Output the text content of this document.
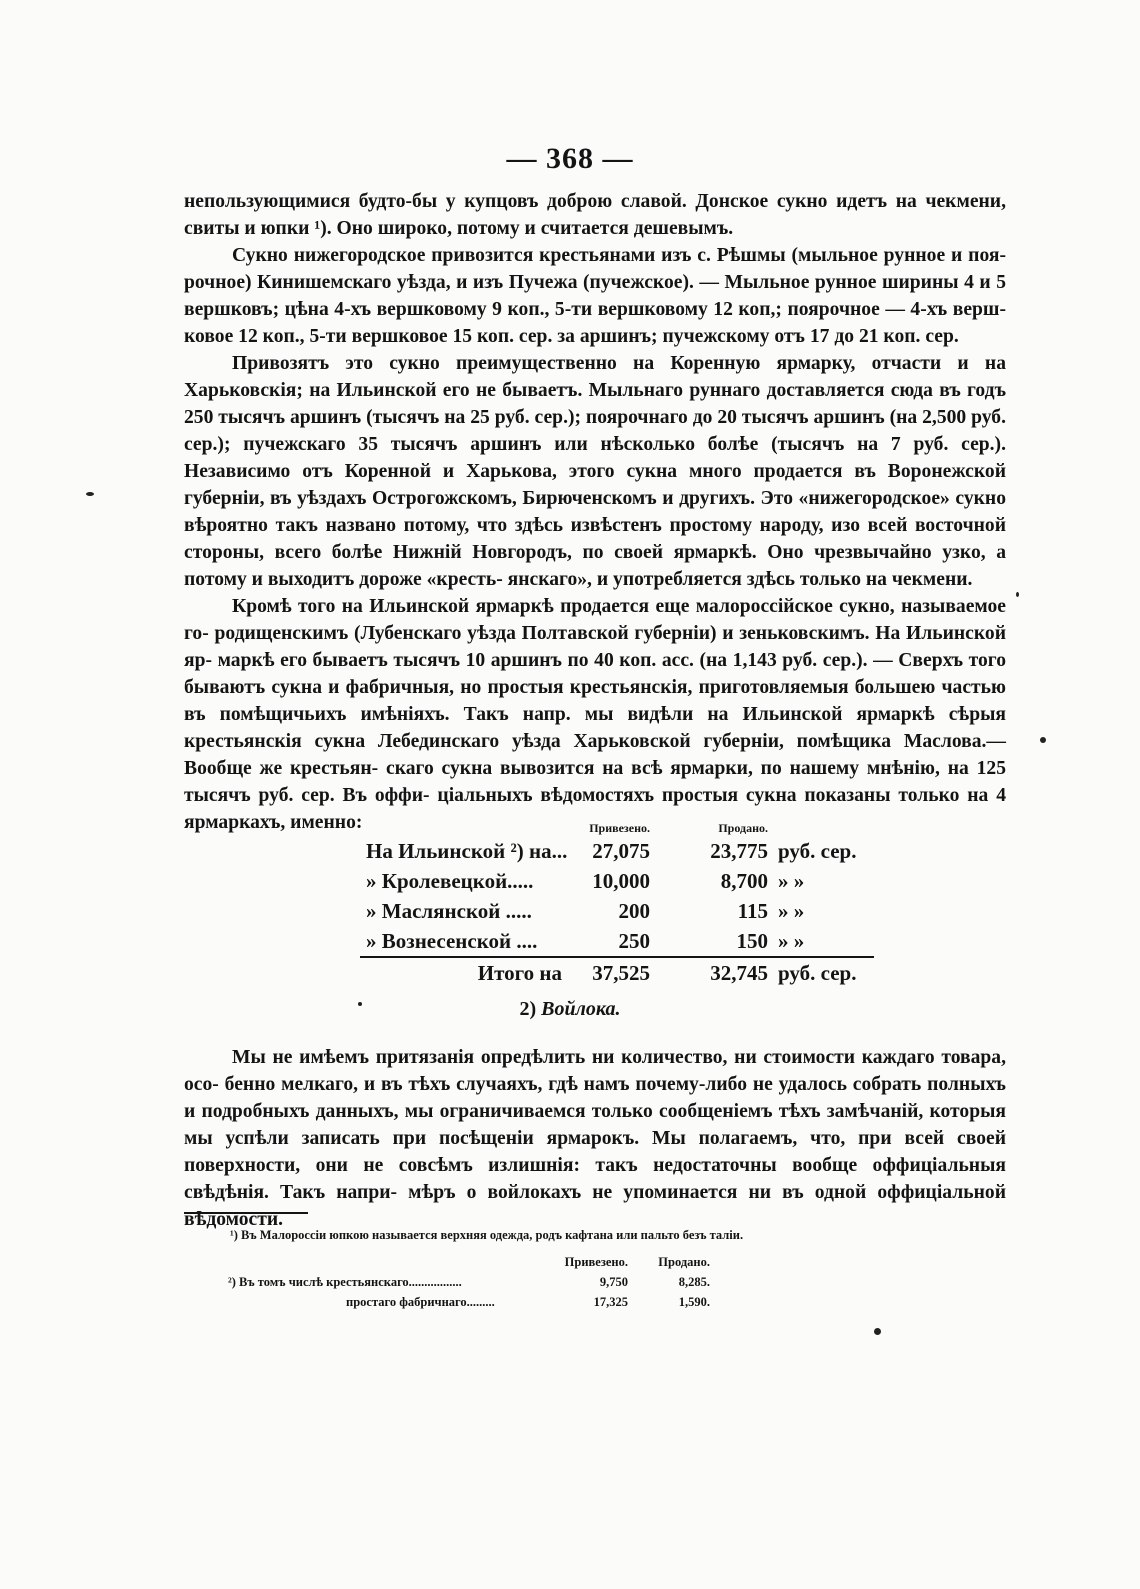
— 368 —

непользующимися будто-бы у купцовъ доброю славой. Донское сукно идетъ на чекмени, свиты и юпки ¹). Оно широко, потому и считается дешевымъ.

Сукно нижегородское привозится крестьянами изъ с. Рѣшмы (мыльное рунное и поя- рочное) Кинишемскаго уѣзда, и изъ Пучежа (пучежское). — Мыльное рунное ширины 4 и 5 вершковъ; цѣна 4-хъ вершковому 9 коп., 5-ти вершковому 12 коп,; поярочное — 4-хъ верш- ковое 12 коп., 5-ти вершковое 15 коп. сер. за аршинъ; пучежскому отъ 17 до 21 коп. сер.

Привозятъ это сукно преимущественно на Коренную ярмарку, отчасти и на Харьковскія; на Ильинской его не бываетъ. Мыльнаго руннаго доставляется сюда въ годъ 250 тысячъ аршинъ (тысячъ на 25 руб. сер.); поярочнаго до 20 тысячъ аршинъ (на 2,500 руб. сер.); пучежскаго 35 тысячъ аршинъ или нѣсколько болѣе (тысячъ на 7 руб. сер.). Независимо отъ Коренной и Харькова, этого сукна много продается въ Воронежской губерніи, въ уѣздахъ Острогожскомъ, Бирюченскомъ и другихъ. Это «нижегородское» сукно вѣроятно такъ названо потому, что здѣсь извѣстенъ простому народу, изо всей восточной стороны, всего болѣе Нижній Новгородъ, по своей ярмаркѣ. Оно чрезвычайно узко, а потому и выходитъ дороже «кресть- янскаго», и употребляется здѣсь только на чекмени.

Кромѣ того на Ильинской ярмаркѣ продается еще малороссійское сукно, называемое го- родищенскимъ (Лубенскаго уѣзда Полтавской губерніи) и зеньковскимъ. На Ильинской яр- маркѣ его бываетъ тысячъ 10 аршинъ по 40 коп. асс. (на 1,143 руб. сер.). — Сверхъ того бываютъ сукна и фабричныя, но простыя крестьянскія, приготовляемыя большею частью въ помѣщичьихъ имѣніяхъ. Такъ напр. мы видѣли на Ильинской ярмаркѣ сѣрыя крестьянскія сукна Лебединскаго уѣзда Харьковской губерніи, помѣщика Маслова.—Вообще же крестьян- скаго сукна вывозится на всѣ ярмарки, по нашему мнѣнію, на 125 тысячъ руб. сер. Въ оффи- ціальныхъ вѣдомостяхъ простыя сукна показаны только на 4 ярмаркахъ, именно:

		Привезено.	Продано.	
На Ильинской ²) на...	27,075	23,775	руб. сер.
» Кролевецкой.....	10,000	8,700	» »
» Маслянской .....	200	115	» »
» Вознесенской ....	250	150	» »
Итого на	37,525	32,745	руб. сер.
2) Войлока.

Мы не имѣемъ притязанія опредѣлить ни количество, ни стоимости каждаго товара, осо- бенно мелкаго, и въ тѣхъ случаяхъ, гдѣ намъ почему-либо не удалось собрать полныхъ и подробныхъ данныхъ, мы ограничиваемся только сообщеніемъ тѣхъ замѣчаній, которыя мы успѣли записать при посѣщеніи ярмарокъ. Мы полагаемъ, что, при всей своей поверхности, они не совсѣмъ излишнія: такъ недостаточны вообще оффиціальныя свѣдѣнія. Такъ напри- мѣръ о войлокахъ не упоминается ни въ одной оффиціальной вѣдомости.

¹) Въ Малороссіи юпкою называется верхняя одежда, родъ кафтана или пальто безъ таліи.
	Привезено.	Продано.
²) Въ томъ числѣ крестьянскаго.................	9,750	8,285.
простаго фабричнаго.........	17,325	1,590.
